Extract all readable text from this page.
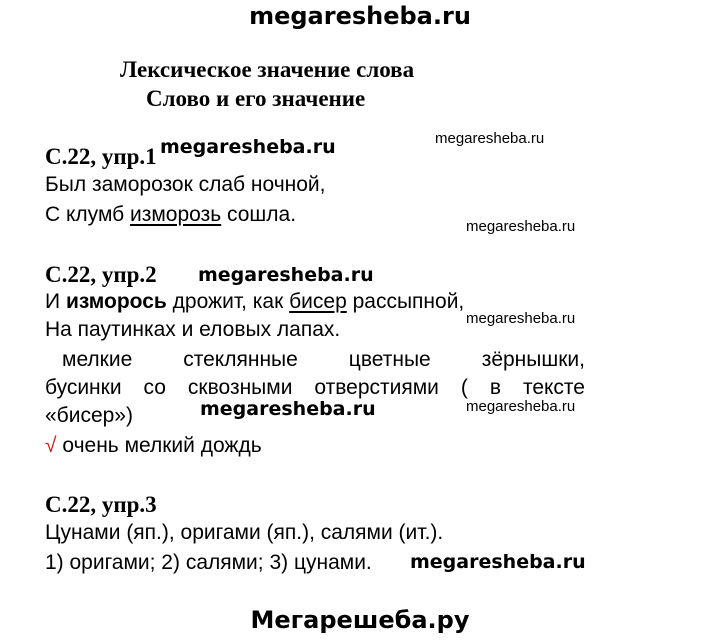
megaresheba.ru
Лексическое значение слова
Слово и его значение
С.22, упр.1 megaresheba.ru	megaresheba.ru
Был заморозок слаб ночной,
С клумб изморозь сошла.
megaresheba.ru
С.22, упр.2 megaresheba.ru
И изморось дрожит, как бисер рассыпной,
megaresheba.ru
На паутинках и еловых лапах.
мелкие стеклянные цветные зёрнышки,
бусинки со сквозными отверстиями ( в тексте
«бисер»)	megaresheba.ru	megaresheba.ru
√ очень мелкий дождь
С.22, упр.3
Цунами (яп.), оригами (яп.), салями (ит.).
1) оригами; 2) салями; 3) цунами. megaresheba.ru
Мегарешеба.ру
